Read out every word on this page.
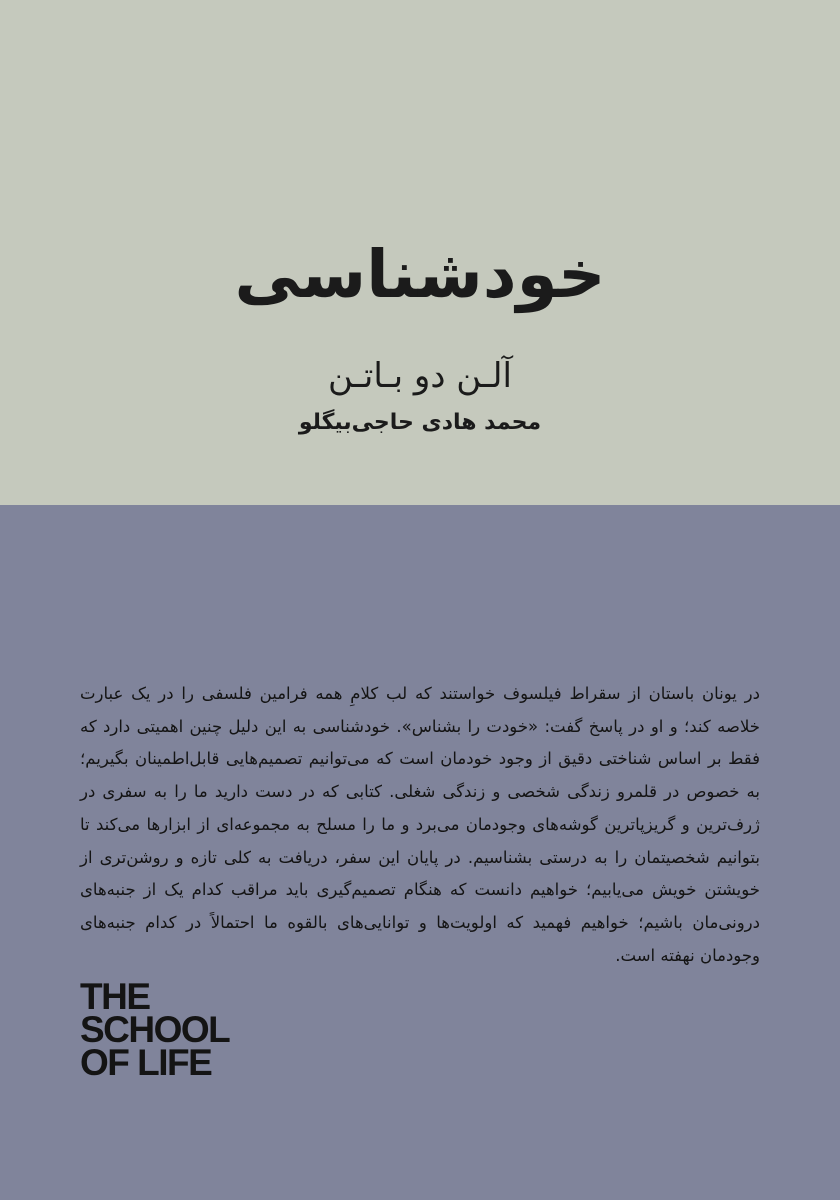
خودشناسی
آلـن دو بـاتـن
محمد هادی حاجی‌بیگلو

در یونان باستان از سقراط فیلسوف خواستند که لب کلامِ همه فرامین فلسفی را در یک عبارت خلاصه کند؛ و او در پاسخ گفت: «خودت را بشناس». خودشناسی به این دلیل چنین اهمیتی دارد که فقط بر اساس شناختی دقیق از وجود خودمان است که می‌توانیم تصمیم‌هایی قابل‌اطمینان بگیریم؛ به خصوص در قلمرو زندگی شخصی و زندگی شغلی. کتابی که در دست دارید ما را به سفری در ژرف‌ترین و گریزپاترین گوشه‌های وجودمان می‌برد و ما را مسلح به مجموعه‌ای از ابزارها می‌کند تا بتوانیم شخصیتمان را به درستی بشناسیم. در پایان این سفر، دریافت به کلی تازه و روشن‌تری از خویشتن خویش می‌یابیم؛ خواهیم دانست که هنگام تصمیم‌گیری باید مراقب کدام یک از جنبه‌های درونی‌مان باشیم؛ خواهیم فهمید که اولویت‌ها و توانایی‌های بالقوه ما احتمالاً در کدام جنبه‌های وجودمان نهفته است.

THE
SCHOOL
OF LIFE
